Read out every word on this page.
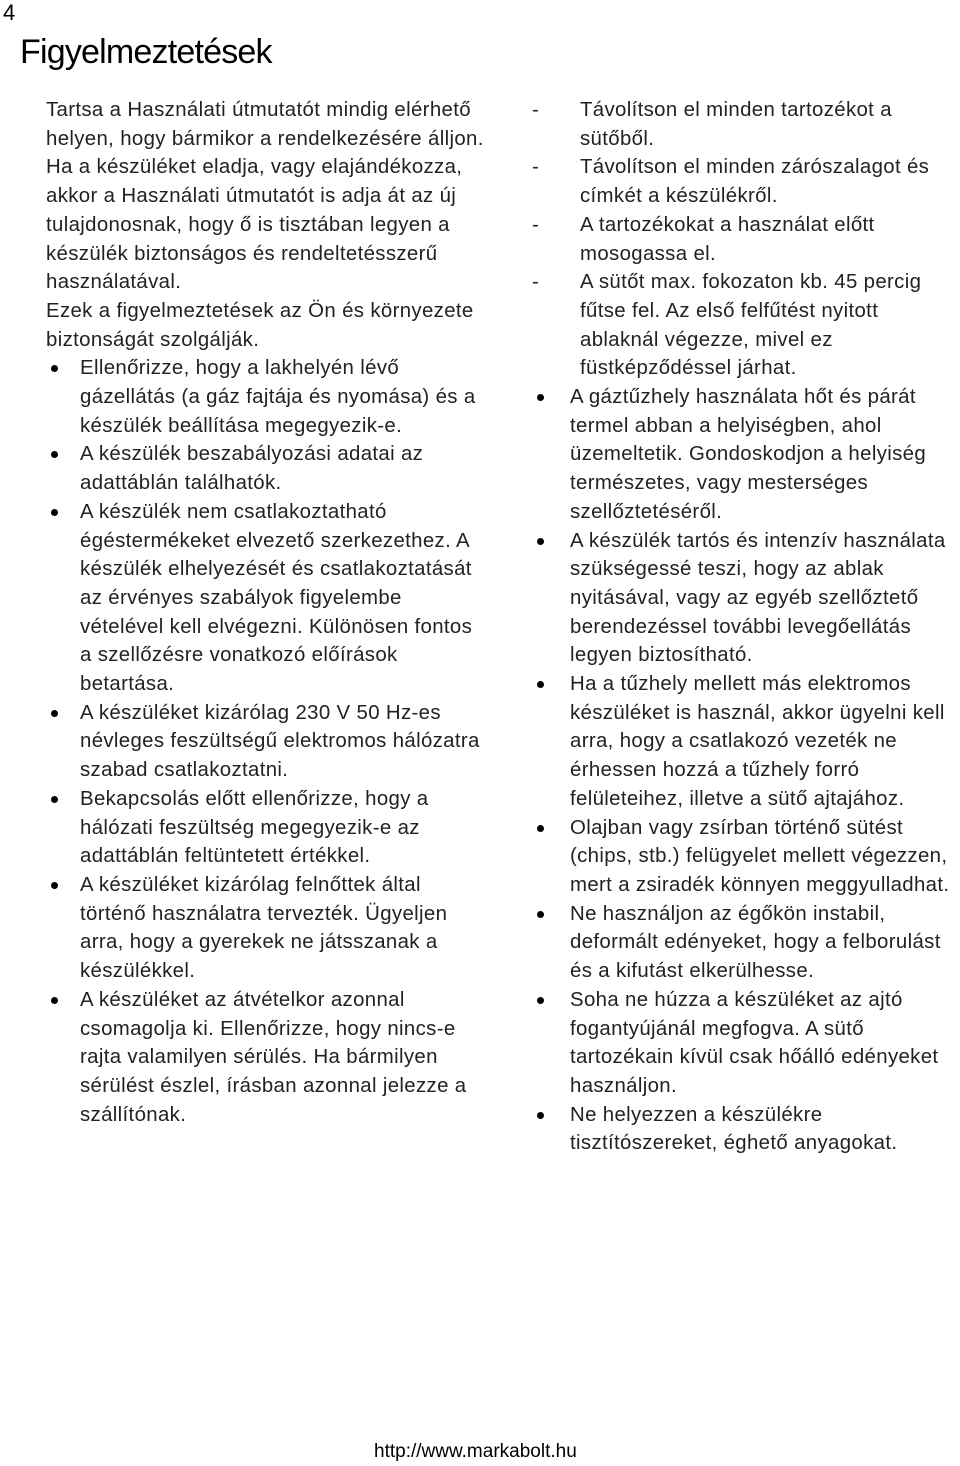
4
Figyelmeztetések

Tartsa a Használati útmutatót mindig elérhető helyen, hogy bármikor a rendelkezésére álljon. Ha a készüléket eladja, vagy elajándékozza, akkor a Használati útmutatót is adja át az új tulajdonosnak, hogy ő is tisztában legyen a készülék biztonságos és rendeltetésszerű használatával.

Ezek a figyelmeztetések az Ön és környezete biztonságát szolgálják.

Ellenőrizze, hogy a lakhelyén lévő gázellátás (a gáz fajtája és nyomása) és a készülék beállítása megegyezik-e.
A készülék beszabályozási adatai az adattáblán találhatók.
A készülék nem csatlakoztatható égéstermékeket elvezető szerkezethez. A készülék elhelyezését és csatlakoztatását az érvényes szabályok figyelembe vételével kell elvégezni. Különösen fontos a szellőzésre vonatkozó előírások betartása.
A készüléket kizárólag 230 V 50 Hz-es névleges feszültségű elektromos hálózatra szabad csatlakoztatni.
Bekapcsolás előtt ellenőrizze, hogy a hálózati feszültség megegyezik-e az adattáblán feltüntetett értékkel.
A készüléket kizárólag felnőttek által történő használatra tervezték. Ügyeljen arra, hogy a gyerekek ne játsszanak a készülékkel.
A készüléket az átvételkor azonnal csomagolja ki. Ellenőrizze, hogy nincs-e rajta valamilyen sérülés. Ha bármilyen sérülést észlel, írásban azonnal jelezze a szállítónak.
- Távolítson el minden tartozékot a sütőből.
- Távolítson el minden zárószalagot és címkét a készülékről.
- A tartozékokat a használat előtt mosogassa el.
- A sütőt max. fokozaton kb. 45 percig fűtse fel. Az első felfűtést nyitott ablaknál végezze, mivel ez füstképződéssel járhat.
A gáztűzhely használata hőt és párát termel abban a helyiségben, ahol üzemeltetik. Gondoskodjon a helyiség természetes, vagy mesterséges szellőztetéséről.
A készülék tartós és intenzív használata szükségessé teszi, hogy az ablak nyitásával, vagy az egyéb szellőztető berendezéssel további levegőellátás legyen biztosítható.
Ha a tűzhely mellett más elektromos készüléket is használ, akkor ügyelni kell arra, hogy a csatlakozó vezeték ne érhessen hozzá a tűzhely forró felületeihez, illetve a sütő ajtajához.
Olajban vagy zsírban történő sütést (chips, stb.) felügyelet mellett végezzen, mert a zsiradék könnyen meggyulladhat.
Ne használjon az égőkön instabil, deformált edényeket, hogy a felborulást és a kifutást elkerülhesse.
Soha ne húzza a készüléket az ajtó fogantyújánál megfogva. A sütő tartozékain kívül csak hőálló edényeket használjon.
Ne helyezzen a készülékre tisztítószereket, éghető anyagokat.
http://www.markabolt.hu
